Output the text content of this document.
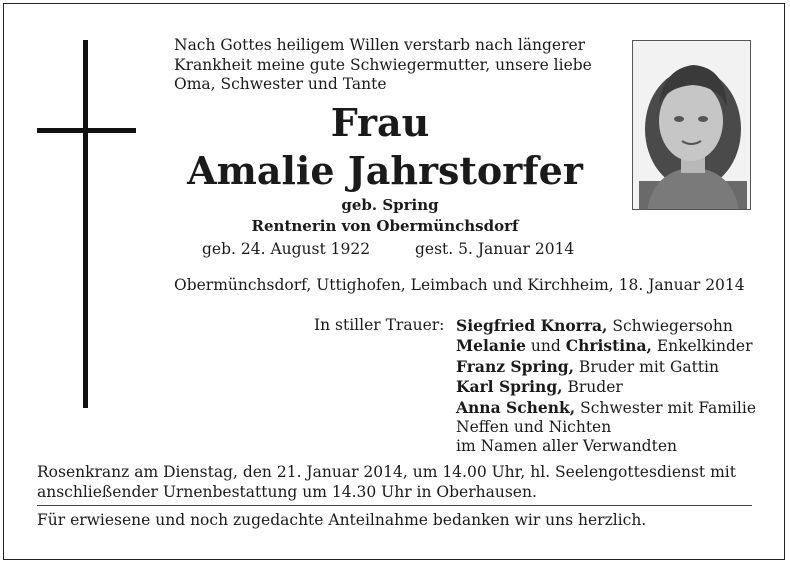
Nach Gottes heiligem Willen verstarb nach längerer
Krankheit meine gute Schwiegermutter, unsere liebe
Oma, Schwester und Tante
Frau
Amalie Jahrstorfer
geb. Spring
Rentnerin von Obermünchsdorf
geb. 24. August 1922	gest. 5. Januar 2014
Obermünchsdorf, Uttighofen, Leimbach und Kirchheim, 18. Januar 2014
In stiller Trauer: Siegfried Knorra, Schwiegersohn
Melanie und Christina, Enkelkinder
Franz Spring, Bruder mit Gattin
Karl Spring, Bruder
Anna Schenk, Schwester mit Familie
Neffen und Nichten
im Namen aller Verwandten
Rosenkranz am Dienstag, den 21. Januar 2014, um 14.00 Uhr, hl. Seelengottesdienst mit
anschließender Urnenbestattung um 14.30 Uhr in Oberhausen.
Für erwiesene und noch zugedachte Anteilnahme bedanken wir uns herzlich.
